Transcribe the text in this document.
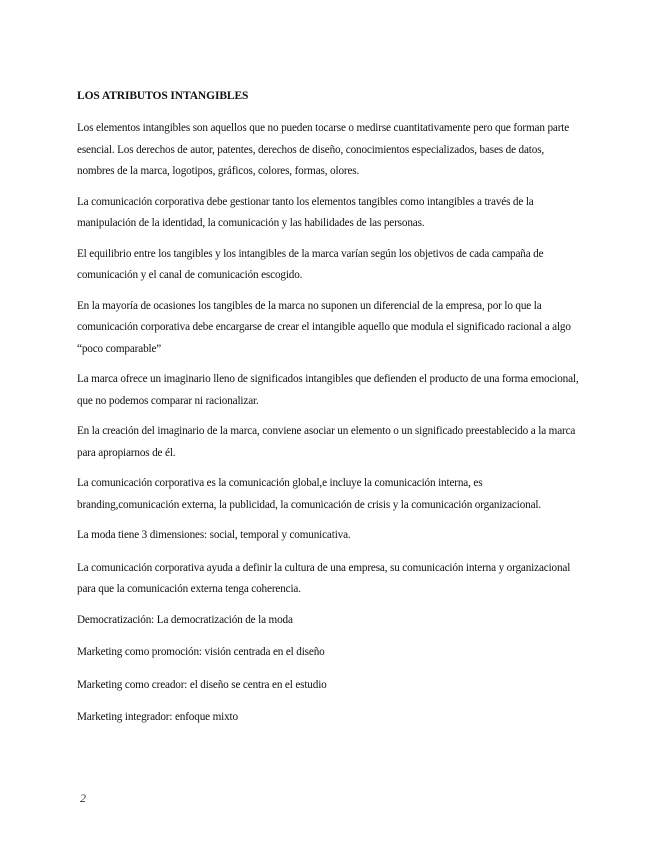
LOS ATRIBUTOS INTANGIBLES

Los elementos intangibles son aquellos que no pueden tocarse o medirse cuantitativamente pero que forman parte esencial. Los derechos de autor, patentes, derechos de diseño, conocimientos especializados, bases de datos, nombres de la marca, logotipos, gráficos, colores, formas, olores.

La comunicación corporativa debe gestionar tanto los elementos tangibles como intangibles a través de la manipulación de la identidad, la comunicación y las habilidades de las personas.

El equilibrio entre los tangibles y los intangibles de la marca varían según los objetivos de cada campaña de comunicación y el canal de comunicación escogido.

En la mayoría de ocasiones los tangibles de la marca no suponen un diferencial de la empresa, por lo que la comunicación corporativa debe encargarse de crear el intangible aquello que modula el significado racional a algo “poco comparable”

La marca ofrece un imaginario lleno de significados intangibles que defienden el producto de una forma emocional, que no podemos comparar ni racionalizar.

En la creación del imaginario de la marca, conviene asociar un elemento o un significado preestablecido a la marca para apropiarnos de él.

La comunicación corporativa es la comunicación global,e incluye la comunicación interna, es branding,comunicación externa, la publicidad, la comunicación de crisis y la comunicación organizacional.

La moda tiene 3 dimensiones: social, temporal y comunicativa.

La comunicación corporativa ayuda a definir la cultura de una empresa, su comunicación interna y organizacional para que la comunicación externa tenga coherencia.

Democratización: La democratización de la moda

Marketing como promoción: visión centrada en el diseño

Marketing como creador: el diseño se centra en el estudio

Marketing integrador: enfoque mixto

2
